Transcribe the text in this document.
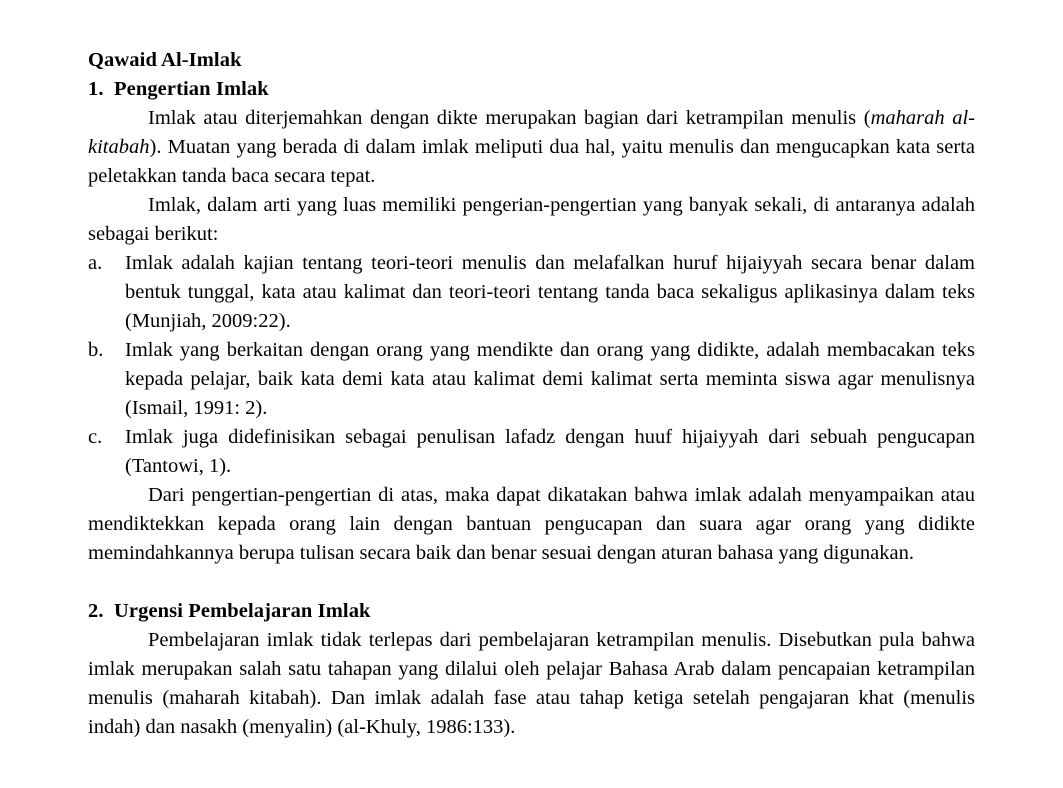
Qawaid Al-Imlak
1. Pengertian Imlak

Imlak atau diterjemahkan dengan dikte merupakan bagian dari ketrampilan menulis (maharah al-kitabah). Muatan yang berada di dalam imlak meliputi dua hal, yaitu menulis dan mengucapkan kata serta peletakkan tanda baca secara tepat.

Imlak, dalam arti yang luas memiliki pengerian-pengertian yang banyak sekali, di antaranya adalah sebagai berikut:

a.	Imlak adalah kajian tentang teori-teori menulis dan melafalkan huruf hijaiyyah secara benar dalam bentuk tunggal, kata atau kalimat dan teori-teori tentang tanda baca sekaligus aplikasinya dalam teks (Munjiah, 2009:22).
b.	Imlak yang berkaitan dengan orang yang mendikte dan orang yang didikte, adalah membacakan teks kepada pelajar, baik kata demi kata atau kalimat demi kalimat serta meminta siswa agar menulisnya (Ismail, 1991: 2).
c.	Imlak juga didefinisikan sebagai penulisan lafadz dengan huuf hijaiyyah dari sebuah pengucapan (Tantowi, 1).

Dari pengertian-pengertian di atas, maka dapat dikatakan bahwa imlak adalah menyampaikan atau mendiktekkan kepada orang lain dengan bantuan pengucapan dan suara agar orang yang didikte memindahkannya berupa tulisan secara baik dan benar sesuai dengan aturan bahasa yang digunakan.

2. Urgensi Pembelajaran Imlak

Pembelajaran imlak tidak terlepas dari pembelajaran ketrampilan menulis. Disebutkan pula bahwa imlak merupakan salah satu tahapan yang dilalui oleh pelajar Bahasa Arab dalam pencapaian ketrampilan menulis (maharah kitabah). Dan imlak adalah fase atau tahap ketiga setelah pengajaran khat (menulis indah) dan nasakh (menyalin) (al-Khuly, 1986:133).
